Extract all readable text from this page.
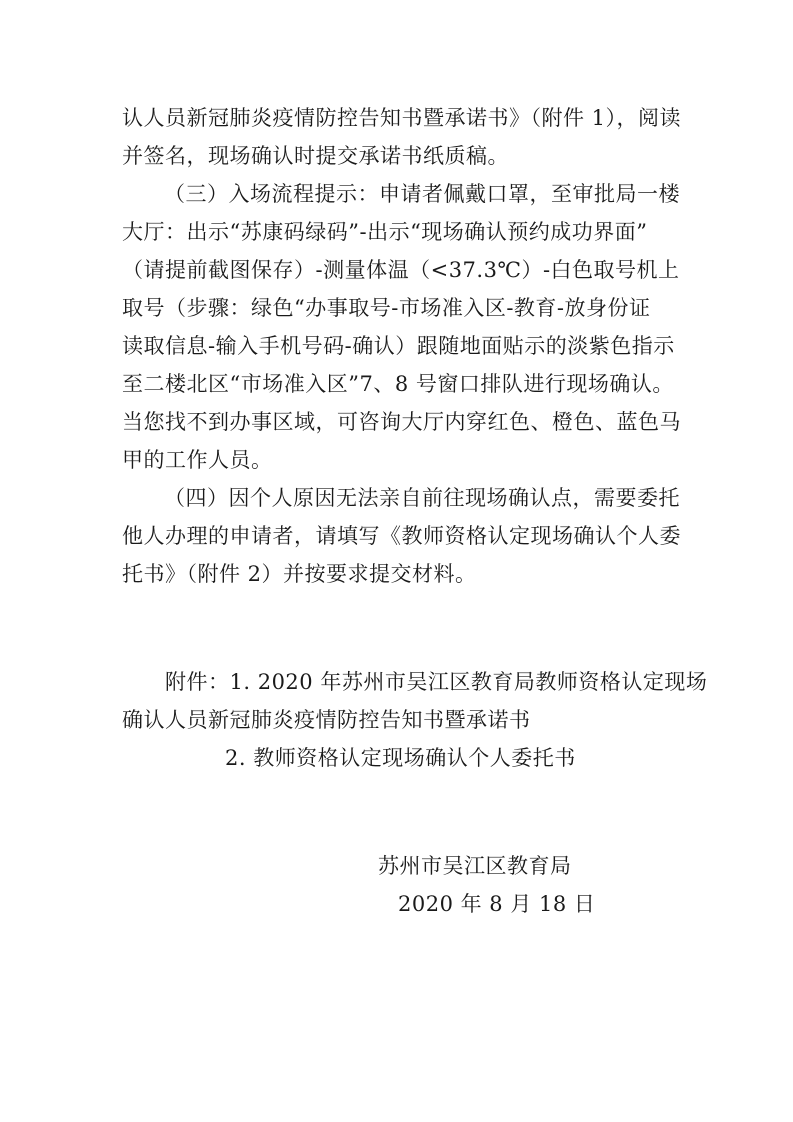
认人员新冠肺炎疫情防控告知书暨承诺书》（附件 1），阅读
并签名，现场确认时提交承诺书纸质稿。
（三）入场流程提示：申请者佩戴口罩，至审批局一楼
大厅：出示“苏康码绿码”-出示“现场确认预约成功界面”
（请提前截图保存）-测量体温（<37.3℃）-白色取号机上
取号（步骤：绿色“办事取号-市场准入区-教育-放身份证
读取信息-输入手机号码-确认）跟随地面贴示的淡紫色指示
至二楼北区“市场准入区”7、8 号窗口排队进行现场确认。
当您找不到办事区域，可咨询大厅内穿红色、橙色、蓝色马
甲的工作人员。
（四）因个人原因无法亲自前往现场确认点，需要委托
他人办理的申请者，请填写《教师资格认定现场确认个人委
托书》（附件 2）并按要求提交材料。
附件：1. 2020 年苏州市吴江区教育局教师资格认定现场
确认人员新冠肺炎疫情防控告知书暨承诺书
2. 教师资格认定现场确认个人委托书
苏州市吴江区教育局
2020 年 8 月 18 日
